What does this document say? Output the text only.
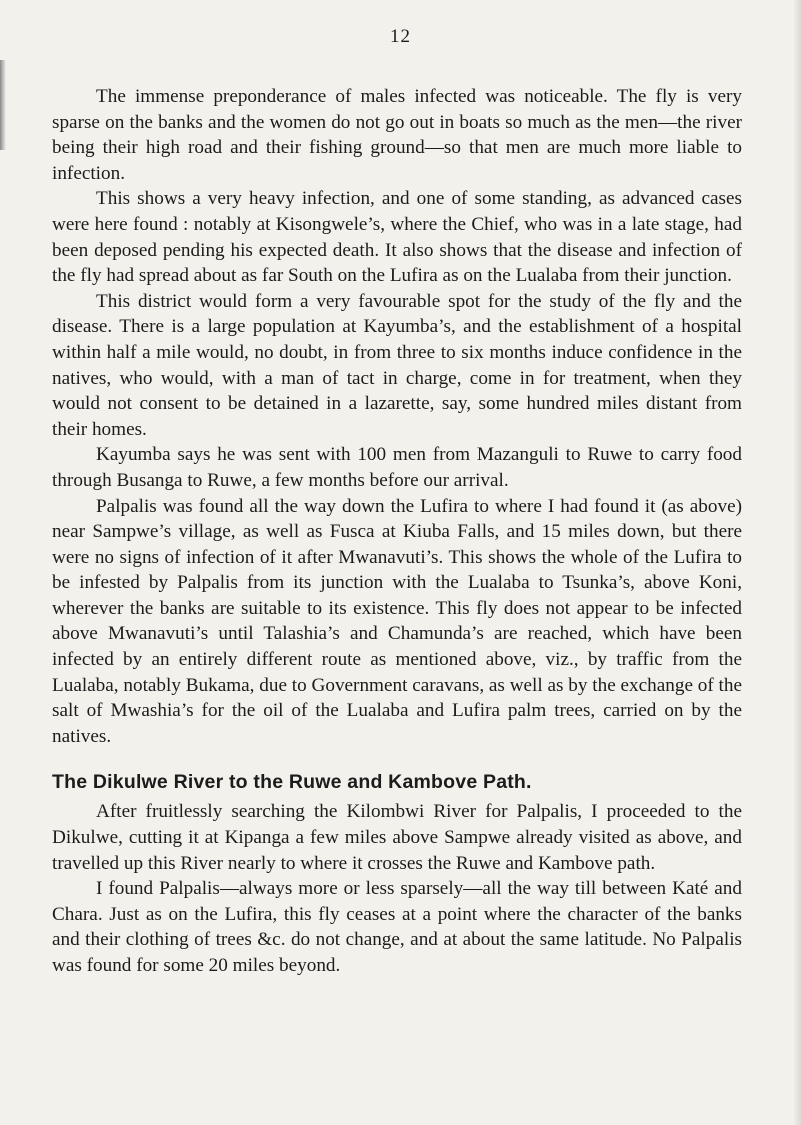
12

The immense preponderance of males infected was noticeable. The fly is very sparse on the banks and the women do not go out in boats so much as the men—the river being their high road and their fishing ground—so that men are much more liable to infection.

This shows a very heavy infection, and one of some standing, as advanced cases were here found : notably at Kisongwele’s, where the Chief, who was in a late stage, had been deposed pending his expected death. It also shows that the disease and infection of the fly had spread about as far South on the Lufira as on the Lualaba from their junction.

This district would form a very favourable spot for the study of the fly and the disease. There is a large population at Kayumba’s, and the establishment of a hospital within half a mile would, no doubt, in from three to six months induce confidence in the natives, who would, with a man of tact in charge, come in for treatment, when they would not consent to be detained in a lazarette, say, some hundred miles distant from their homes.

Kayumba says he was sent with 100 men from Mazanguli to Ruwe to carry food through Busanga to Ruwe, a few months before our arrival.

Palpalis was found all the way down the Lufira to where I had found it (as above) near Sampwe’s village, as well as Fusca at Kiuba Falls, and 15 miles down, but there were no signs of infection of it after Mwanavuti’s. This shows the whole of the Lufira to be infested by Palpalis from its junction with the Lualaba to Tsunka’s, above Koni, wherever the banks are suitable to its existence. This fly does not appear to be infected above Mwanavuti’s until Talashia’s and Chamunda’s are reached, which have been infected by an entirely different route as mentioned above, viz., by traffic from the Lualaba, notably Bukama, due to Government caravans, as well as by the exchange of the salt of Mwashia’s for the oil of the Lualaba and Lufira palm trees, carried on by the natives.

The Dikulwe River to the Ruwe and Kambove Path.

After fruitlessly searching the Kilombwi River for Palpalis, I proceeded to the Dikulwe, cutting it at Kipanga a few miles above Sampwe already visited as above, and travelled up this River nearly to where it crosses the Ruwe and Kambove path.

I found Palpalis—always more or less sparsely—all the way till between Katé and Chara. Just as on the Lufira, this fly ceases at a point where the character of the banks and their clothing of trees &c. do not change, and at about the same latitude. No Palpalis was found for some 20 miles beyond.
